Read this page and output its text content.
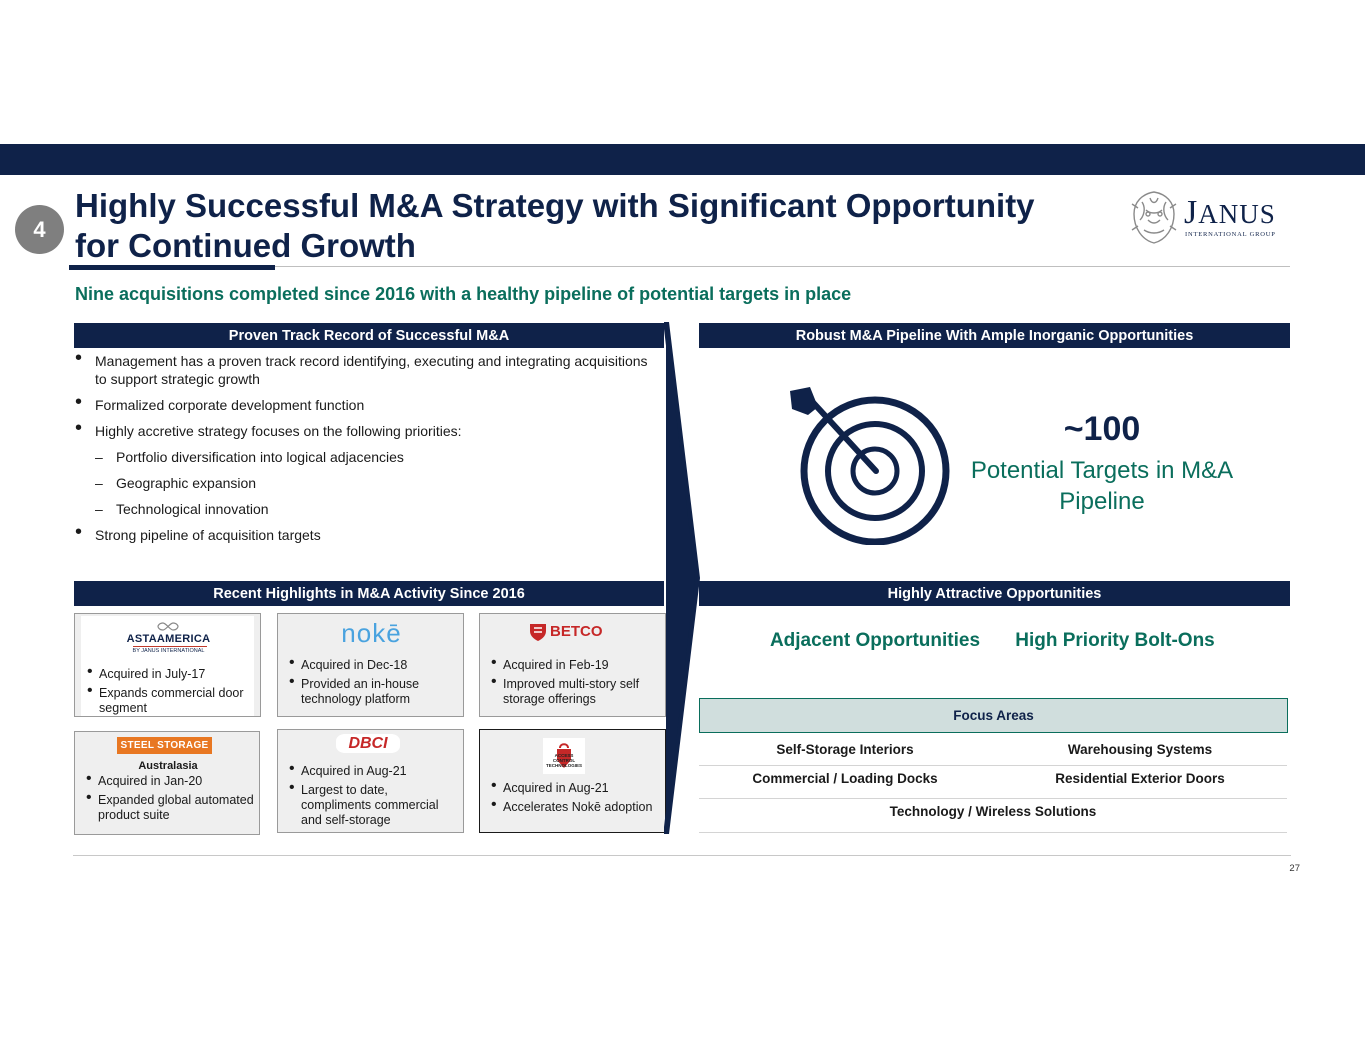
4
Highly Successful M&A Strategy with Significant Opportunity
for Continued Growth
JANUS
INTERNATIONAL GROUP
Nine acquisitions completed since 2016 with a healthy pipeline of potential targets in place
Proven Track Record of Successful M&A
• Management has a proven track record identifying, executing and integrating acquisitions to support strategic growth
• Formalized corporate development function
• Highly accretive strategy focuses on the following priorities:
– Portfolio diversification into logical adjacencies
– Geographic expansion
– Technological innovation
• Strong pipeline of acquisition targets
Recent Highlights in M&A Activity Since 2016
ASTAAMERICA
BY JANUS INTERNATIONAL
• Acquired in July-17
• Expands commercial door segment
nokē
• Acquired in Dec-18
• Provided an in-house technology platform
BETCO
• Acquired in Feb-19
• Improved multi-story self storage offerings
STEEL STORAGE
Australasia
• Acquired in Jan-20
• Expanded global automated product suite
DBCI
• Acquired in Aug-21
• Largest to date, compliments commercial and self-storage
ACCESS CONTROL TECHNOLOGIES
• Acquired in Aug-21
• Accelerates Nokē adoption
Robust M&A Pipeline With Ample Inorganic Opportunities
~100
Potential Targets in M&A Pipeline
Highly Attractive Opportunities
Adjacent Opportunities	High Priority Bolt-Ons
Focus Areas
Self-Storage Interiors	Warehousing Systems
Commercial / Loading Docks	Residential Exterior Doors
Technology / Wireless Solutions
27
